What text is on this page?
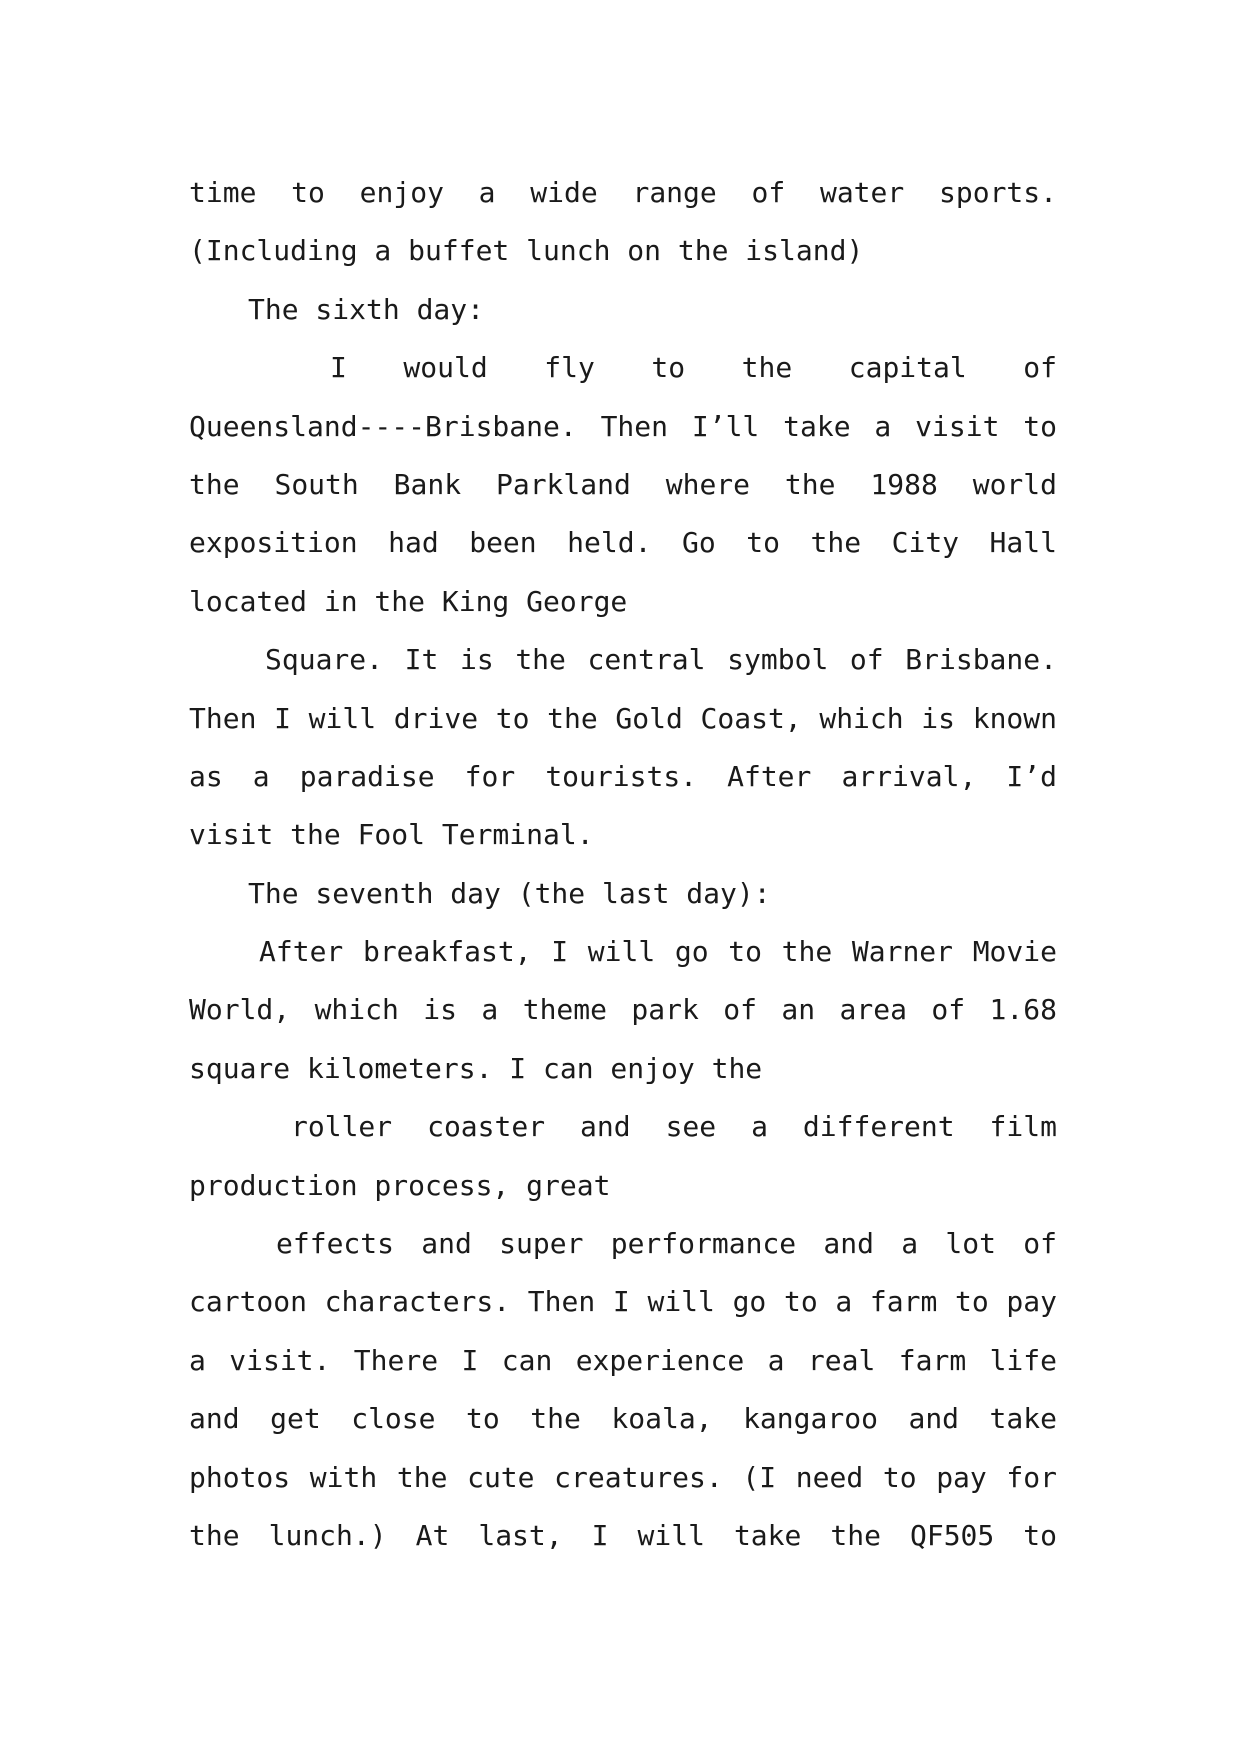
time to enjoy a wide range of water sports.
(Including a buffet lunch on the island)
The sixth day:
I would fly to the capital of
Queensland----Brisbane. Then I’ll take a visit to
the South Bank Parkland where the 1988 world
exposition had been held. Go to the City Hall
located in the King George
Square. It is the central symbol of Brisbane.
Then I will drive to the Gold Coast, which is known
as a paradise for tourists. After arrival, I’d
visit the Fool Terminal.
The seventh day (the last day):
After breakfast, I will go to the Warner Movie
World, which is a theme park of an area of 1.68
square kilometers. I can enjoy the
roller coaster and see a different film
production process, great
effects and super performance and a lot of
cartoon characters. Then I will go to a farm to pay
a visit. There I can experience a real farm life
and get close to the koala, kangaroo and take
photos with the cute creatures. (I need to pay for
the lunch.) At last, I will take the QF505 to
